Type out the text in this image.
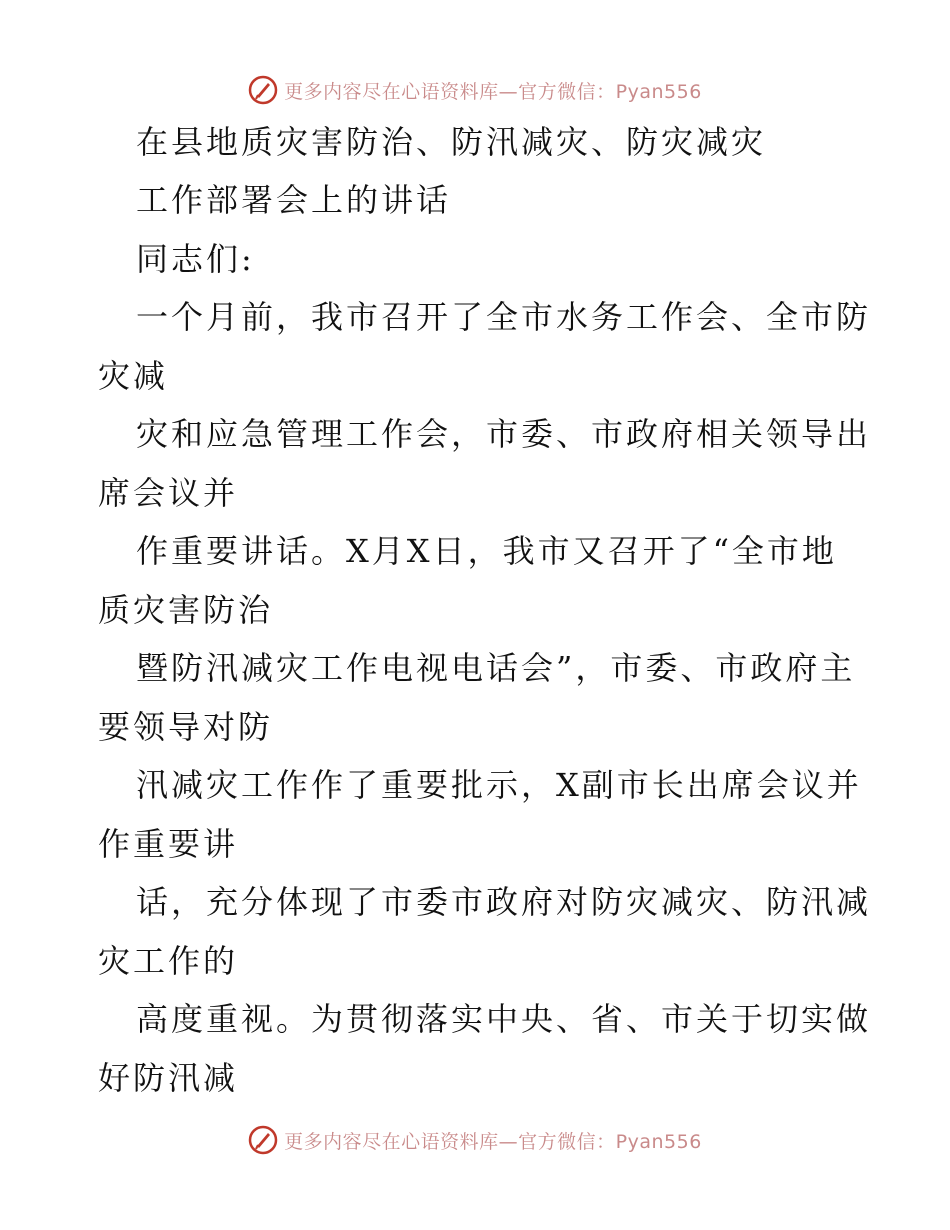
更多内容尽在心语资料库—官方微信：Pyan556
在县地质灾害防治、防汛减灾、防灾减灾
工作部署会上的讲话
同志们:
一个月前，我市召开了全市水务工作会、全市防
灾减
灾和应急管理工作会，市委、市政府相关领导出
席会议并
作重要讲话。X月X日，我市又召开了“全市地
质灾害防治
暨防汛减灾工作电视电话会”，市委、市政府主
要领导对防
汛减灾工作作了重要批示，X副市长出席会议并
作重要讲
话，充分体现了市委市政府对防灾减灾、防汛减
灾工作的
高度重视。为贯彻落实中央、省、市关于切实做
好防汛减
更多内容尽在心语资料库—官方微信：Pyan556
